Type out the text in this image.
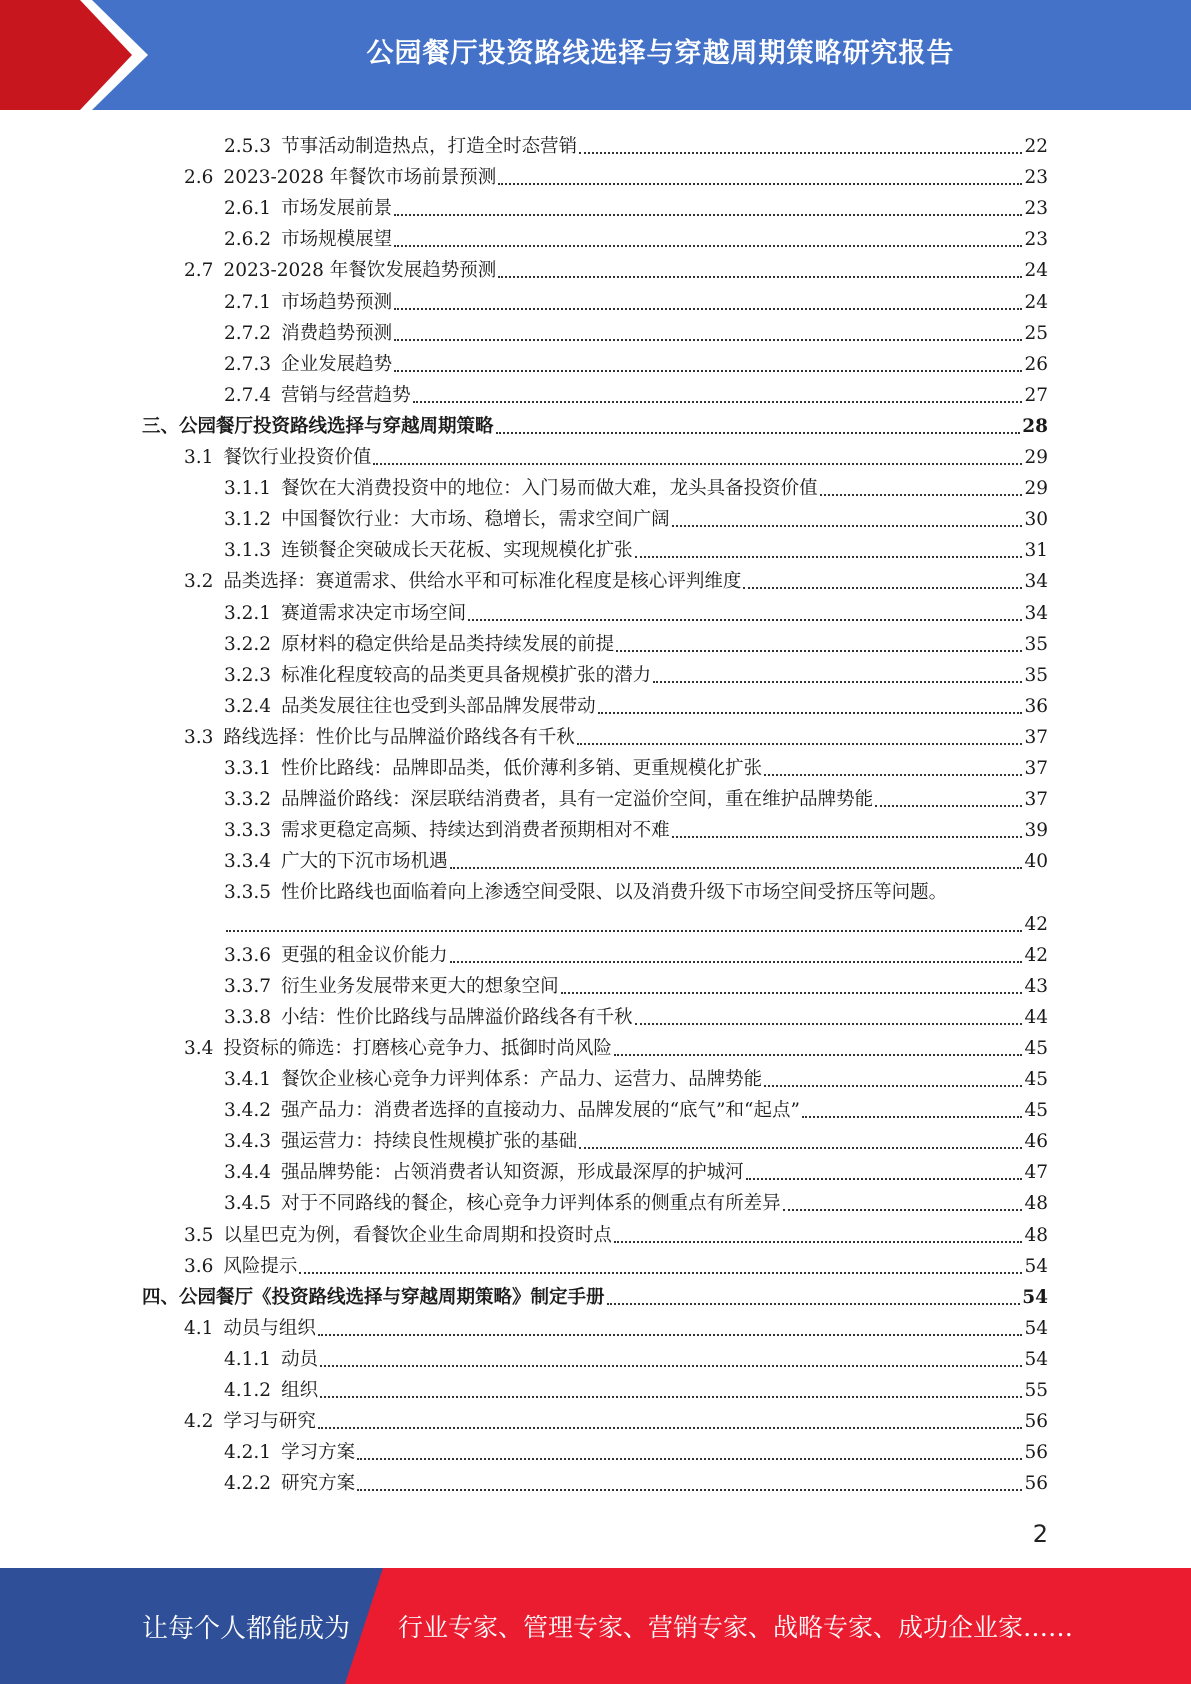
公园餐厅投资路线选择与穿越周期策略研究报告
2.5.3 节事活动制造热点，打造全时态营销	22
2.6 2023-2028 年餐饮市场前景预测	23
2.6.1 市场发展前景	23
2.6.2 市场规模展望	23
2.7 2023-2028 年餐饮发展趋势预测	24
2.7.1 市场趋势预测	24
2.7.2 消费趋势预测	25
2.7.3 企业发展趋势	26
2.7.4 营销与经营趋势	27
三、公园餐厅投资路线选择与穿越周期策略	28
3.1 餐饮行业投资价值	29
3.1.1 餐饮在大消费投资中的地位：入门易而做大难，龙头具备投资价值	29
3.1.2 中国餐饮行业：大市场、稳增长，需求空间广阔	30
3.1.3 连锁餐企突破成长天花板、实现规模化扩张	31
3.2 品类选择：赛道需求、供给水平和可标准化程度是核心评判维度	34
3.2.1 赛道需求决定市场空间	34
3.2.2 原材料的稳定供给是品类持续发展的前提	35
3.2.3 标准化程度较高的品类更具备规模扩张的潜力	35
3.2.4 品类发展往往也受到头部品牌发展带动	36
3.3 路线选择：性价比与品牌溢价路线各有千秋	37
3.3.1 性价比路线：品牌即品类，低价薄利多销、更重规模化扩张	37
3.3.2 品牌溢价路线：深层联结消费者，具有一定溢价空间，重在维护品牌势能	37
3.3.3 需求更稳定高频、持续达到消费者预期相对不难	39
3.3.4 广大的下沉市场机遇	40
3.3.5 性价比路线也面临着向上渗透空间受限、以及消费升级下市场空间受挤压等问题。
42
3.3.6 更强的租金议价能力	42
3.3.7 衍生业务发展带来更大的想象空间	43
3.3.8 小结：性价比路线与品牌溢价路线各有千秋	44
3.4 投资标的筛选：打磨核心竞争力、抵御时尚风险	45
3.4.1 餐饮企业核心竞争力评判体系：产品力、运营力、品牌势能	45
3.4.2 强产品力：消费者选择的直接动力、品牌发展的“底气”和“起点”	45
3.4.3 强运营力：持续良性规模扩张的基础	46
3.4.4 强品牌势能：占领消费者认知资源，形成最深厚的护城河	47
3.4.5 对于不同路线的餐企，核心竞争力评判体系的侧重点有所差异	48
3.5 以星巴克为例，看餐饮企业生命周期和投资时点	48
3.6 风险提示	54
四、公园餐厅《投资路线选择与穿越周期策略》制定手册	54
4.1 动员与组织	54
4.1.1 动员	54
4.1.2 组织	55
4.2 学习与研究	56
4.2.1 学习方案	56
4.2.2 研究方案	56
2
让每个人都能成为 行业专家、管理专家、营销专家、战略专家、成功企业家……
